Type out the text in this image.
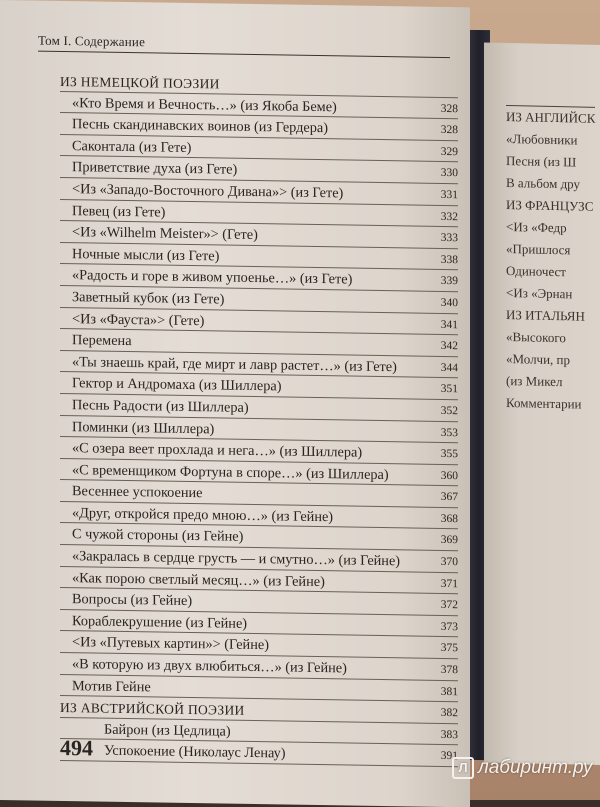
ИЗ АНГЛИЙСК
«Любовники
Песня (из Ш
В альбом дру
ИЗ ФРАНЦУЗС
<Из «Федр
«Пришлося
Одиночест
<Из «Эрнан
ИЗ ИТАЛЬЯН
«Высокого
«Молчи, пр
(из Микел
Комментарии
Том I. Содержание
ИЗ НЕМЕЦКОЙ ПОЭЗИИ
«Кто Время и Вечность…» (из Якоба Беме)	328
Песнь скандинавских воинов (из Гердера)	328
Саконтала (из Гете)	329
Приветствие духа (из Гете)	330
<Из «Западо-Восточного Дивана»> (из Гете)	331
Певец (из Гете)	332
<Из «Wilhelm Meister»> (Гете)	333
Ночные мысли (из Гете)	338
«Радость и горе в живом упоенье…» (из Гете)	339
Заветный кубок (из Гете)	340
<Из «Фауста»> (Гете)	341
Перемена	342
«Ты знаешь край, где мирт и лавр растет…» (из Гете)	344
Гектор и Андромаха (из Шиллера)	351
Песнь Радости (из Шиллера)	352
Поминки (из Шиллера)	353
«С озера веет прохлада и нега…» (из Шиллера)	355
«С временщиком Фортуна в споре…» (из Шиллера)	360
Весеннее успокоение	367
«Друг, откройся предо мною…» (из Гейне)	368
С чужой стороны (из Гейне)	369
«Закралась в сердце грусть — и смутно…» (из Гейне)	370
«Как порою светлый месяц…» (из Гейне)	371
Вопросы (из Гейне)	372
Кораблекрушение (из Гейне)	373
<Из «Путевых картин»> (Гейне)	375
«В которую из двух влюбиться…» (из Гейне)	378
Мотив Гейне	381
ИЗ АВСТРИЙСКОЙ ПОЭЗИИ	382
Байрон (из Цедлица)	383
Успокоение (Николаус Ленау)	391
494
Л лабиринт.ру
